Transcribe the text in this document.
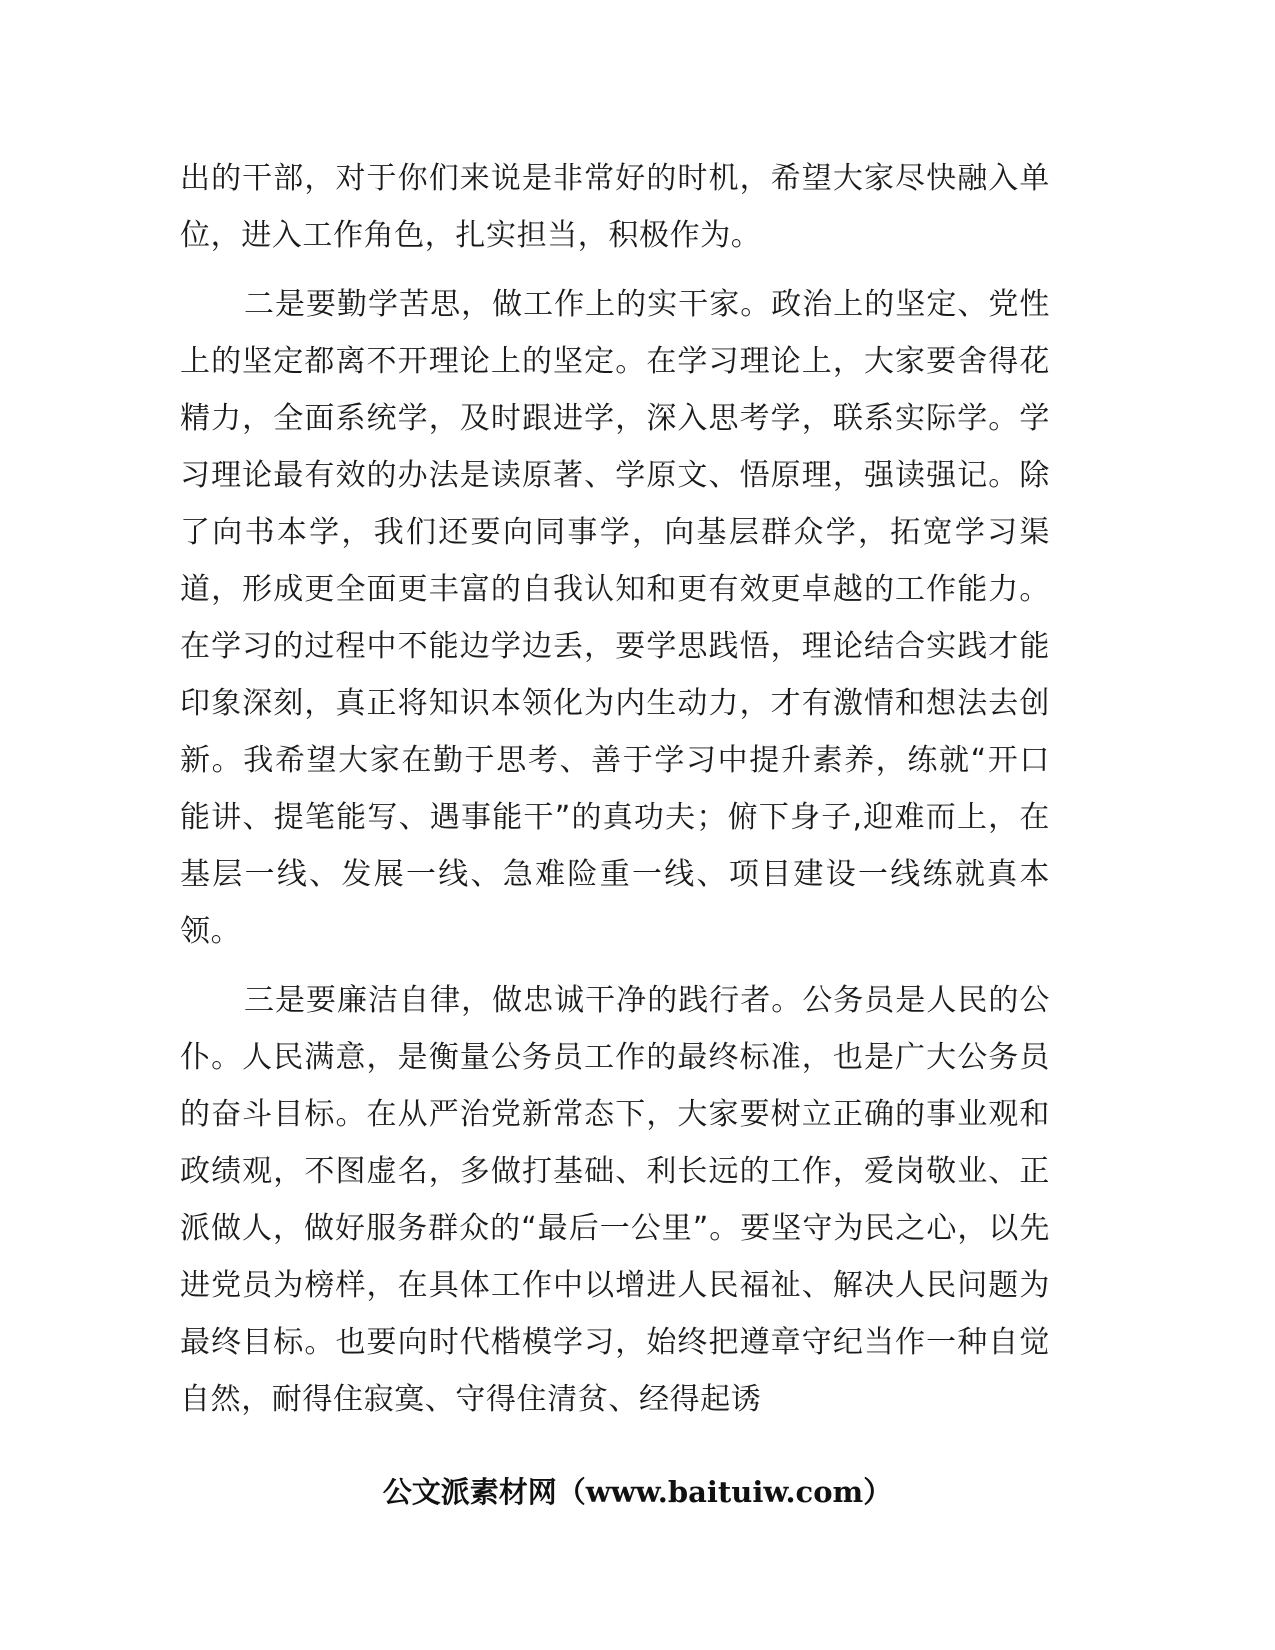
出的干部，对于你们来说是非常好的时机，希望大家尽快融入单位，进入工作角色，扎实担当，积极作为。

二是要勤学苦思，做工作上的实干家。政治上的坚定、党性上的坚定都离不开理论上的坚定。在学习理论上，大家要舍得花精力，全面系统学，及时跟进学，深入思考学，联系实际学。学习理论最有效的办法是读原著、学原文、悟原理，强读强记。除了向书本学，我们还要向同事学，向基层群众学，拓宽学习渠道，形成更全面更丰富的自我认知和更有效更卓越的工作能力。在学习的过程中不能边学边丢，要学思践悟，理论结合实践才能印象深刻，真正将知识本领化为内生动力，才有激情和想法去创新。我希望大家在勤于思考、善于学习中提升素养，练就“开口能讲、提笔能写、遇事能干”的真功夫；俯下身子,迎难而上，在基层一线、发展一线、急难险重一线、项目建设一线练就真本领。

三是要廉洁自律，做忠诚干净的践行者。公务员是人民的公仆。人民满意，是衡量公务员工作的最终标准，也是广大公务员的奋斗目标。在从严治党新常态下，大家要树立正确的事业观和政绩观，不图虚名，多做打基础、利长远的工作，爱岗敬业、正派做人，做好服务群众的“最后一公里”。要坚守为民之心，以先进党员为榜样，在具体工作中以增进人民福祉、解决人民问题为最终目标。也要向时代楷模学习，始终把遵章守纪当作一种自觉自然，耐得住寂寞、守得住清贫、经得起诱

公文派素材网（www.baituiw.com）
